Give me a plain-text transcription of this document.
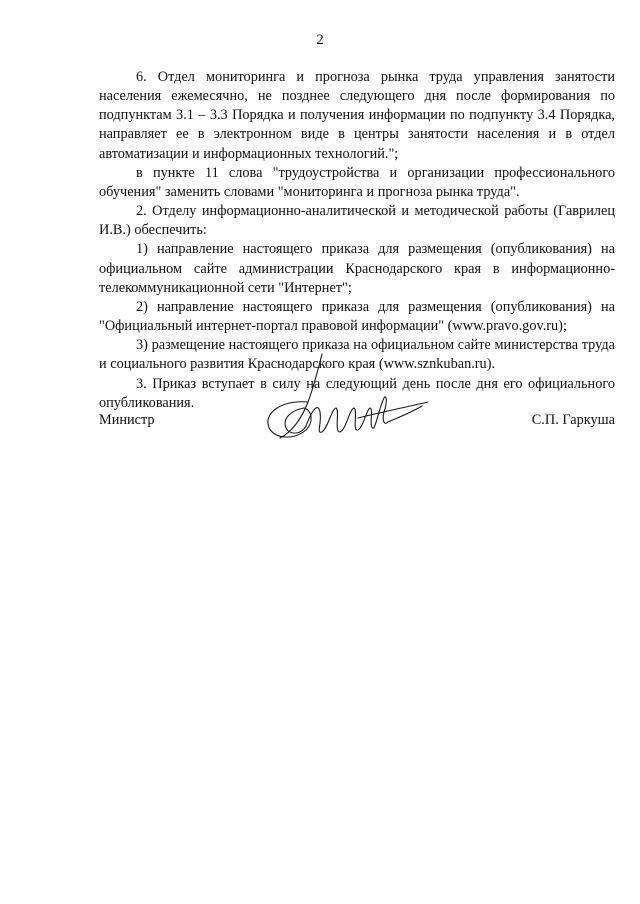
2

6. Отдел мониторинга и прогноза рынка труда управления занятости населения ежемесячно, не позднее следующего дня после формирования по подпунктам 3.1 – 3.3 Порядка и получения информации по подпункту 3.4 Порядка, направляет ее в электронном виде в центры занятости населения и в отдел автоматизации и информационных технологий.";

в пункте 11 слова "трудоустройства и организации профессионального обучения" заменить словами "мониторинга и прогноза рынка труда".

2. Отделу информационно-аналитической и методической работы (Гаврилец И.В.) обеспечить:

1) направление настоящего приказа для размещения (опубликования) на официальном сайте администрации Краснодарского края в информационно-телекоммуникационной сети "Интернет";

2) направление настоящего приказа для размещения (опубликования) на "Официальный интернет-портал правовой информации" (www.pravo.gov.ru);

3) размещение настоящего приказа на официальном сайте министерства труда и социального развития Краснодарского края (www.sznkuban.ru).

3. Приказ вступает в силу на следующий день после дня его официального опубликования.

Министр	С.П. Гаркуша
